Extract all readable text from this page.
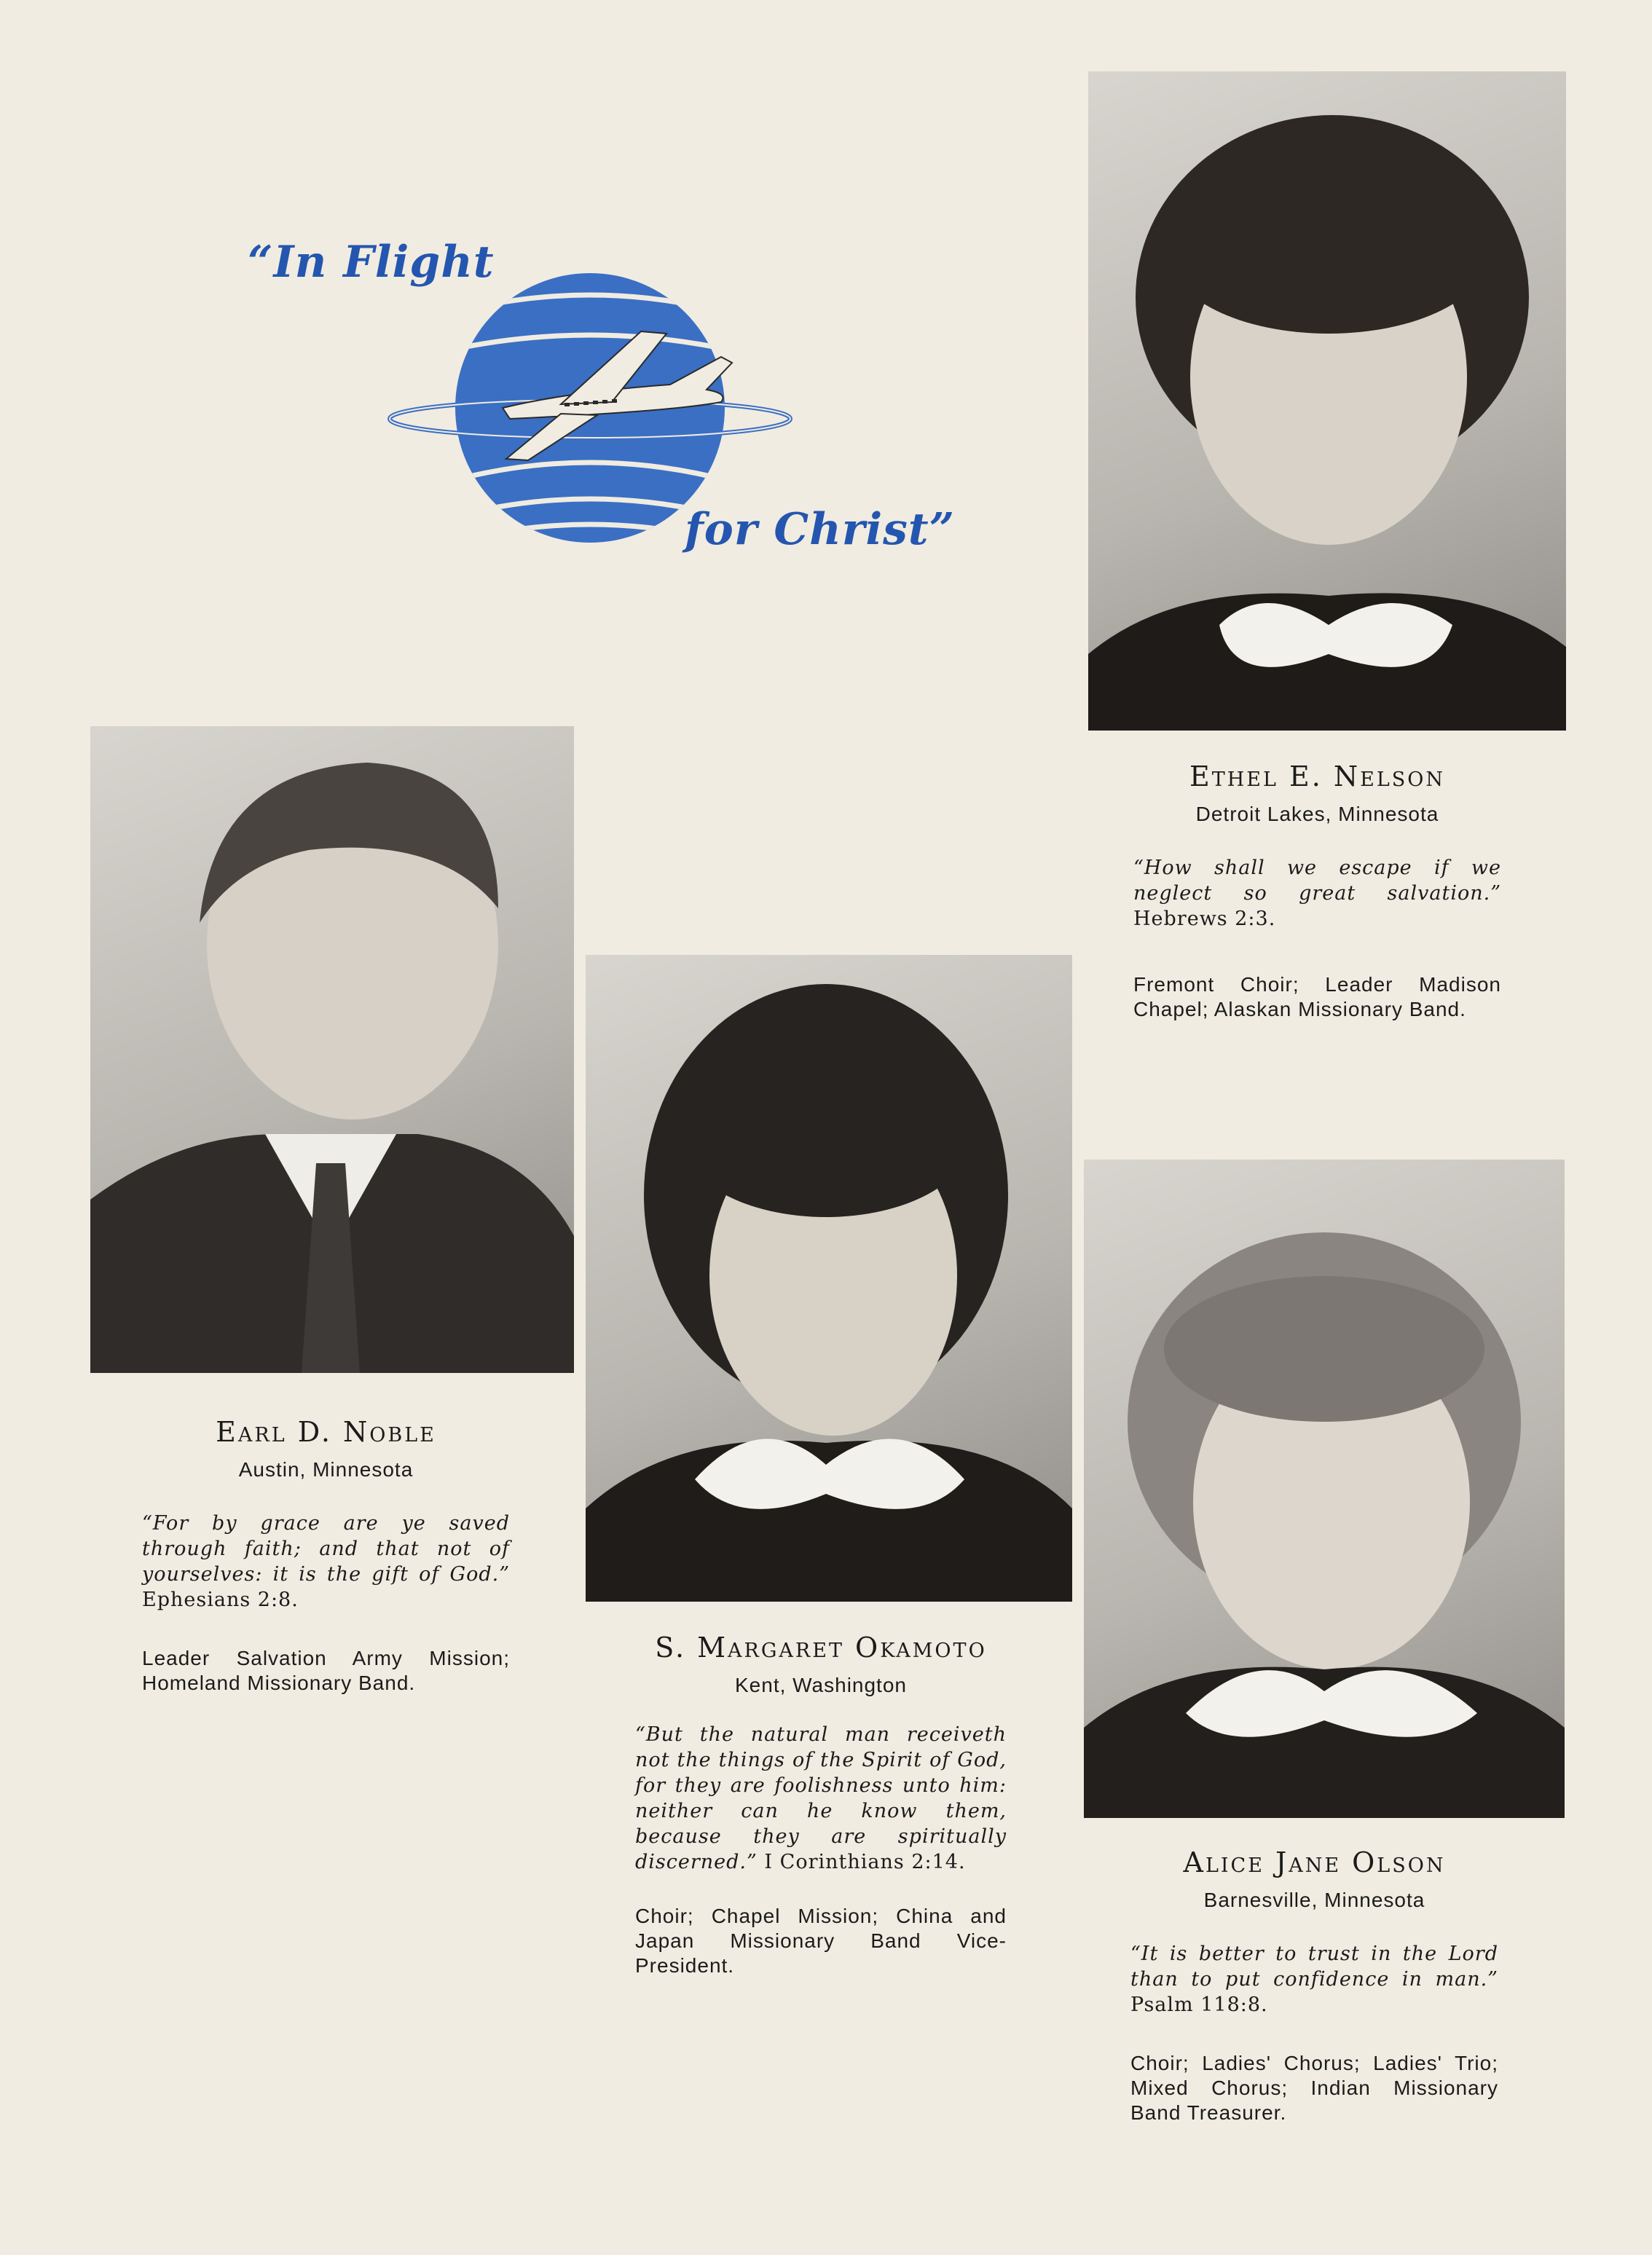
“In Flight
for Christ”
Ethel E. Nelson
Detroit Lakes, Minnesota
“How shall we escape if we neglect so great salvation.” Hebrews 2:3.
Fremont Choir; Leader Madison Chapel; Alaskan Missionary Band.
Earl D. Noble
Austin, Minnesota
“For by grace are ye saved through faith; and that not of yourselves: it is the gift of God.” Ephesians 2:8.
Leader Salvation Army Mission; Homeland Missionary Band.
S. Margaret Okamoto
Kent, Washington
“But the natural man receiveth not the things of the Spirit of God, for they are foolishness unto him: neither can he know them, because they are spiritually discerned.” I Corinthians 2:14.
Choir; Chapel Mission; China and Japan Missionary Band Vice-President.
Alice Jane Olson
Barnesville, Minnesota
“It is better to trust in the Lord than to put confidence in man.” Psalm 118:8.
Choir; Ladies' Chorus; Ladies' Trio; Mixed Chorus; Indian Missionary Band Treasurer.
